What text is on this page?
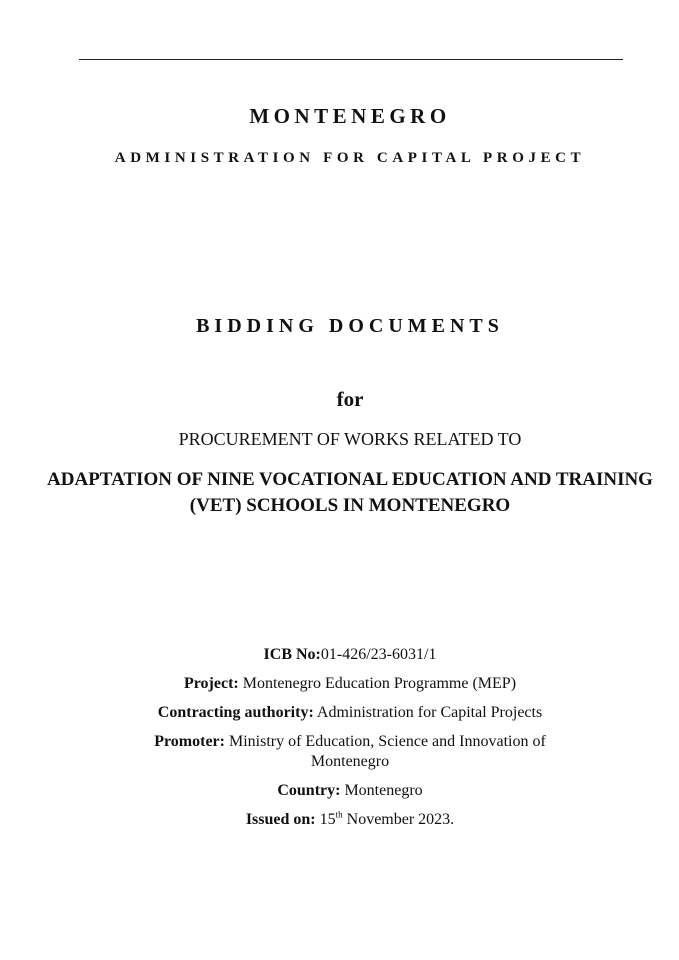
MONTENEGRO
ADMINISTRATION FOR CAPITAL PROJECT
BIDDING DOCUMENTS
for
PROCUREMENT OF WORKS RELATED TO
ADAPTATION OF NINE VOCATIONAL EDUCATION AND TRAINING (VET) SCHOOLS IN MONTENEGRO
ICB No:01-426/23-6031/1
Project: Montenegro Education Programme (MEP)
Contracting authority: Administration for Capital Projects
Promoter: Ministry of Education, Science and Innovation of
Montenegro
Country: Montenegro
Issued on: 15th November 2023.
